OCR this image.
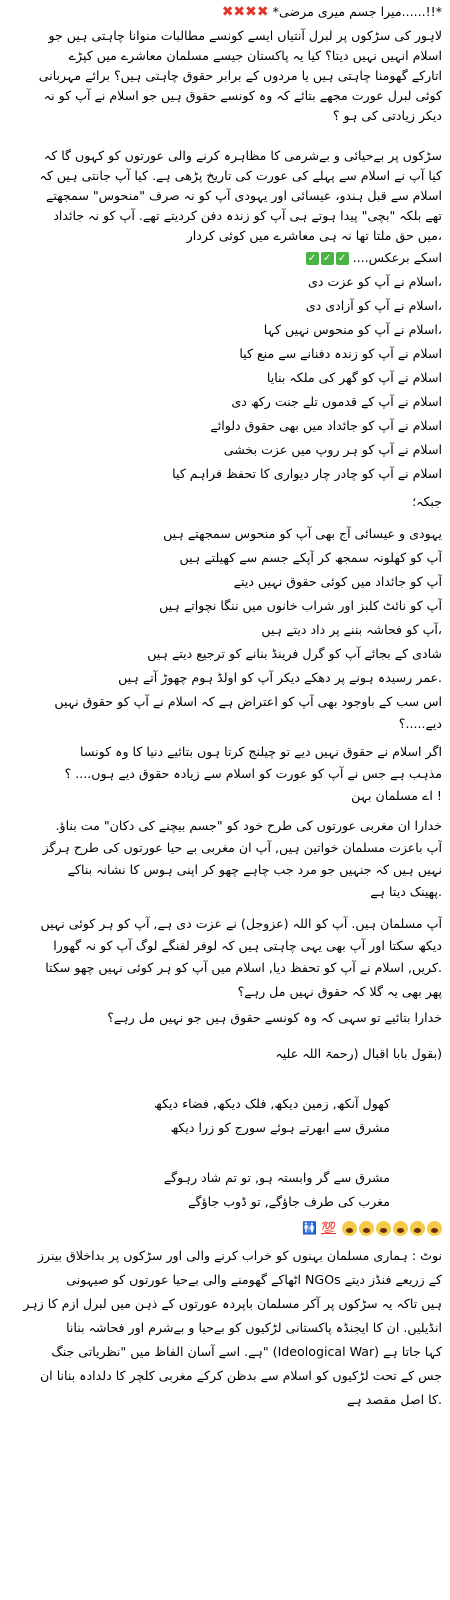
*!!......میرا جسم میری مرضی* ✖✖✖✖
لاہور کی سڑکوں پر لبرل آنتیاں ایسے کونسے مطالبات منوانا چاہتی ہیں جو
اسلام انہیں نہیں دیتا؟ کیا یہ پاکستان جیسے مسلمان معاشرے میں کپڑے
اتارکے گھومنا چاہتی ہیں یا مردوں کے برابر حقوق چاہتی ہیں؟ برائے مہربانی
کوئی لبرل عورت مجھے بتائے کہ وہ کونسے حقوق ہیں جو اسلام نے آپ کو نہ
دیکر زیادتی کی ہو ؟
سڑکوں پر بےحیائی و بےشرمی کا مظاہرہ کرنے والی عورتوں کو کہوں گا کہ
کیا آپ نے اسلام سے پہلے کی عورت کی تاریخ پڑھی ہے. کیا آپ جانتی ہیں کہ
اسلام سے قبل ہندو، عیسائی اور یہودی آپ کو نہ صرف "منحوس" سمجھتے
تھے بلکہ "بچی" پیدا ہوتے ہی آپ کو زندہ دفن کردیتے تھے. آپ کو نہ جائداد
،میں حق ملتا تھا نہ ہی معاشرے میں کوئی کردار
اسکے برعکس.... ✓✓✓
،اسلام نے آپ کو عزت دی
،اسلام نے آپ کو آزادی دی
،اسلام نے آپ کو منحوس نہیں کہا
اسلام نے آپ کو زندہ دفنانے سے منع کیا
اسلام نے آپ کو گھر کی ملکہ بنایا
اسلام نے آپ کے قدموں تلے جنت رکھ دی
اسلام نے آپ کو جائداد میں بھی حقوق دلوائے
اسلام نے آپ کو ہر روپ میں عزت بخشی
اسلام نے آپ کو چادر چار دیواری کا تحفظ فراہم کیا
جبکہ؛
یہودی و عیسائی آج بھی آپ کو منحوس سمجھتے ہیں
آپ کو کھلونہ سمجھ کر آپکے جسم سے کھیلتے ہیں
آپ کو جائداد میں کوئی حقوق نہیں دیتے
آپ کو نائٹ کلبز اور شراب خانوں میں ننگا نچواتے ہیں
،آپ کو فحاشہ بننے پر داد دیتے ہیں
شادی کے بجائے آپ کو گرل فرینڈ بنانے کو ترجیع دیتے ہیں
.عمر رسیدہ ہونے پر دھکے دیکر آپ کو اولڈ ہوم چھوڑ آتے ہیں
اس سب کے باوجود بھی آپ کو اعتراض ہے کہ اسلام نے آپ کو حقوق نہیں
دیے.....؟
اگر اسلام نے حقوق نہیں دیے تو چیلنج کرتا ہوں بتائیے دنیا کا وہ کونسا
مذہب ہے جس نے آپ کو عورت کو اسلام سے زیادہ حقوق دیے ہوں.... ؟
! اے مسلمان بہن
خدارا ان مغربی عورتوں کی طرح خود کو "جسم بیچنے کی دکان" مت بناؤ.
آپ باعزت مسلمان خواتین ہیں, آپ ان مغربی بے حیا عورتوں کی طرح ہرگز
نہیں ہیں کہ جنہیں جو مرد جب چاہے چھو کر اپنی ہوس کا نشانہ بناکے
.پھینک دیتا ہے
آپ مسلمان ہیں. آپ کو اللہ (عزوجل) نے عزت دی ہے, آپ کو ہر کوئی نہیں
دیکھ سکتا اور آپ بھی یہی چاہتی ہیں کہ لوفر لفنگے لوگ آپ کو نہ گھورا
.کریں, اسلام نے آپ کو تحفظ دیا, اسلام میں آپ کو ہر کوئی نہیں چھو سکتا
پھر بھی یہ گلا کہ حقوق نہیں مل رہے؟
خدارا بتائیے تو سہی کہ وہ کونسے حقوق ہیں جو نہیں مل رہے؟
(بقول بابا اقبال (رحمۃ اللہ علیہ
کھول آنکھ, زمین دیکھ, فلک دیکھ, فضاء دیکھ
مشرق سے ابھرتے ہوئے سورج کو زرا دیکھ
مشرق سے گر وابستہ ہو, تو تم شاد رہوگے
مغرب کی طرف جاؤگے, تو ڈوب جاؤگے
💯 🚻
نوٹ : ہماری مسلمان بہنوں کو خراب کرنے والی اور سڑکوں پر بداخلاق بینرز
کے زریعے فنڈز دیتے NGOs اٹھاکے گھومنے والی بےحیا عورتوں کو صیہونی
ہیں تاکہ یہ سڑکوں پر آکر مسلمان باپردہ عورتوں کے ذہن میں لبرل ازم کا زہر
انڈیلیں. ان کا ایجنڈہ پاکستانی لڑکیوں کو بےحیا و بےشرم اور فحاشہ بنانا
کہا جاتا ہے (Ideological War) "ہے. اسے آسان الفاظ میں "نظریاتی جنگ
جس کے تحت لڑکیوں کو اسلام سے بدظن کرکے مغربی کلچر کا دلدادہ بنانا ان
.کا اصل مقصد ہے
